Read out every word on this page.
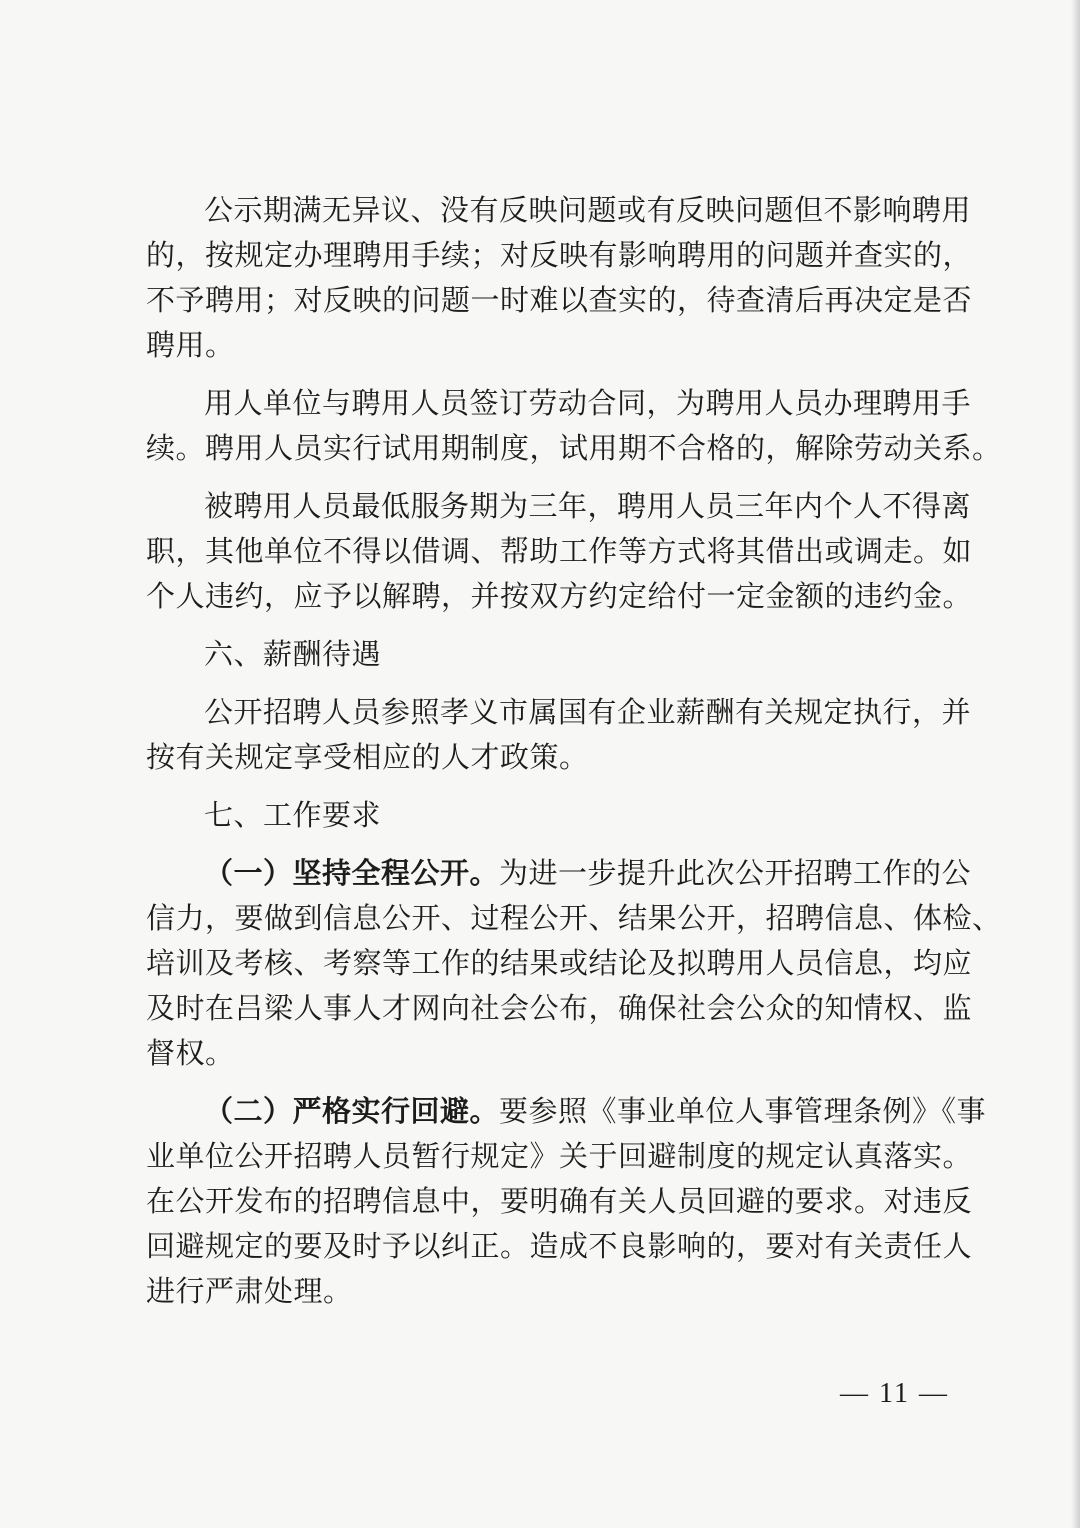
公示期满无异议、没有反映问题或有反映问题但不影响聘用
的，按规定办理聘用手续；对反映有影响聘用的问题并查实的，
不予聘用；对反映的问题一时难以查实的，待查清后再决定是否
聘用。
用人单位与聘用人员签订劳动合同，为聘用人员办理聘用手
续。聘用人员实行试用期制度，试用期不合格的，解除劳动关系。
被聘用人员最低服务期为三年，聘用人员三年内个人不得离
职，其他单位不得以借调、帮助工作等方式将其借出或调走。如
个人违约，应予以解聘，并按双方约定给付一定金额的违约金。
六、薪酬待遇
公开招聘人员参照孝义市属国有企业薪酬有关规定执行，并
按有关规定享受相应的人才政策。
七、工作要求
（一）坚持全程公开。为进一步提升此次公开招聘工作的公
信力，要做到信息公开、过程公开、结果公开，招聘信息、体检、
培训及考核、考察等工作的结果或结论及拟聘用人员信息，均应
及时在吕梁人事人才网向社会公布，确保社会公众的知情权、监
督权。
（二）严格实行回避。要参照《事业单位人事管理条例》《事
业单位公开招聘人员暂行规定》关于回避制度的规定认真落实。
在公开发布的招聘信息中，要明确有关人员回避的要求。对违反
回避规定的要及时予以纠正。造成不良影响的，要对有关责任人
进行严肃处理。
— 11 —
